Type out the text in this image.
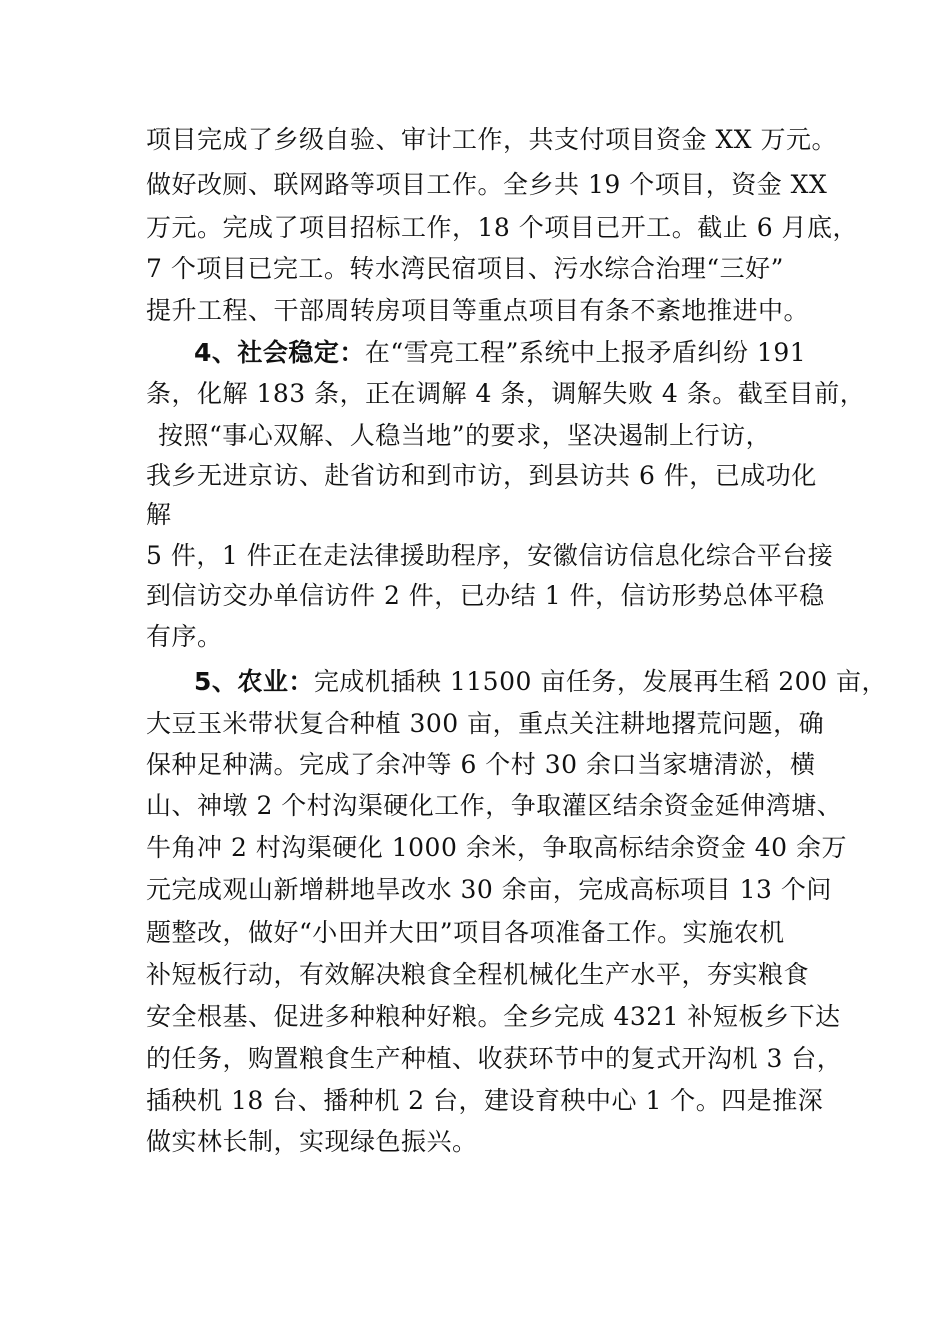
项目完成了乡级自验、审计工作，共支付项目资金 XX 万元。
做好改厕、联网路等项目工作。全乡共 19 个项目，资金 XX
万元。完成了项目招标工作，18 个项目已开工。截止 6 月底，
7 个项目已完工。转水湾民宿项目、污水综合治理“三好”
提升工程、干部周转房项目等重点项目有条不紊地推进中。
4、社会稳定：在“雪亮工程”系统中上报矛盾纠纷 191
条，化解 183 条，正在调解 4 条，调解失败 4 条。截至目前，
按照“事心双解、人稳当地”的要求，坚决遏制上行访，
我乡无进京访、赴省访和到市访，到县访共 6 件，已成功化
解
5 件，1 件正在走法律援助程序，安徽信访信息化综合平台接
到信访交办单信访件 2 件，已办结 1 件，信访形势总体平稳
有序。
5、农业：完成机插秧 11500 亩任务，发展再生稻 200 亩，
大豆玉米带状复合种植 300 亩，重点关注耕地撂荒问题，确
保种足种满。完成了余冲等 6 个村 30 余口当家塘清淤，横
山、神墩 2 个村沟渠硬化工作，争取灌区结余资金延伸湾塘、
牛角冲 2 村沟渠硬化 1000 余米，争取高标结余资金 40 余万
元完成观山新增耕地旱改水 30 余亩，完成高标项目 13 个问
题整改，做好“小田并大田”项目各项准备工作。实施农机
补短板行动，有效解决粮食全程机械化生产水平，夯实粮食
安全根基、促进多种粮种好粮。全乡完成 4321 补短板乡下达
的任务，购置粮食生产种植、收获环节中的复式开沟机 3 台，
插秧机 18 台、播种机 2 台，建设育秧中心 1 个。四是推深
做实林长制，实现绿色振兴。
